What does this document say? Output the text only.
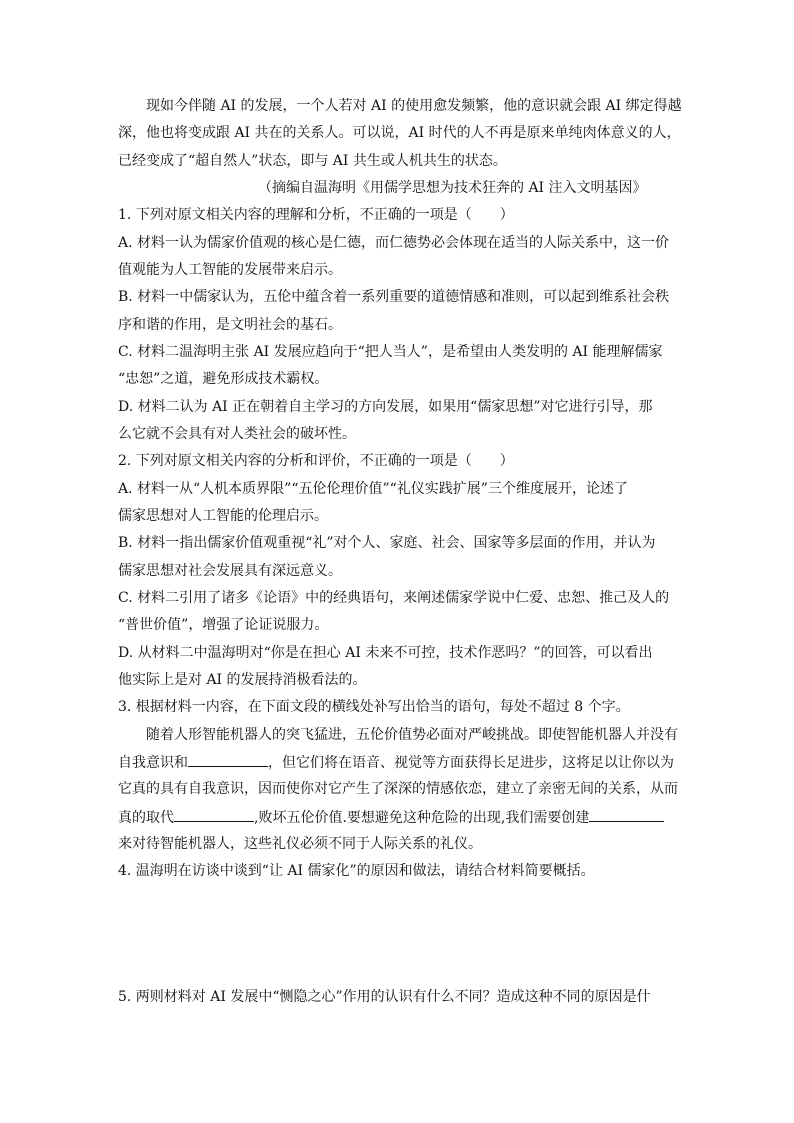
现如今伴随 AI 的发展，一个人若对 AI 的使用愈发频繁，他的意识就会跟 AI 绑定得越
深，他也将变成跟 AI 共在的关系人。可以说，AI 时代的人不再是原来单纯肉体意义的人，
已经变成了“超自然人”状态，即与 AI 共生或人机共生的状态。
（摘编自温海明《用儒学思想为技术狂奔的 AI 注入文明基因》
1. 下列对原文相关内容的理解和分析，不正确的一项是（　　）
A. 材料一认为儒家价值观的核心是仁德，而仁德势必会体现在适当的人际关系中，这一价
值观能为人工智能的发展带来启示。
B. 材料一中儒家认为，五伦中蕴含着一系列重要的道德情感和准则，可以起到维系社会秩
序和谐的作用，是文明社会的基石。
C. 材料二温海明主张 AI 发展应趋向于“把人当人”，是希望由人类发明的 AI 能理解儒家
“忠恕”之道，避免形成技术霸权。
D. 材料二认为 AI 正在朝着自主学习的方向发展，如果用“儒家思想”对它进行引导，那
么它就不会具有对人类社会的破坏性。
2. 下列对原文相关内容的分析和评价，不正确的一项是（　　）
A. 材料一从“人机本质界限”“五伦伦理价值”“礼仪实践扩展”三个维度展开，论述了
儒家思想对人工智能的伦理启示。
B. 材料一指出儒家价值观重视“礼”对个人、家庭、社会、国家等多层面的作用，并认为
儒家思想对社会发展具有深远意义。
C. 材料二引用了诸多《论语》中的经典语句，来阐述儒家学说中仁爱、忠恕、推己及人的
“普世价值”，增强了论证说服力。
D. 从材料二中温海明对“你是在担心 AI 未来不可控，技术作恶吗？”的回答，可以看出
他实际上是对 AI 的发展持消极看法的。
3. 根据材料一内容，在下面文段的横线处补写出恰当的语句，每处不超过 8 个字。
随着人形智能机器人的突飞猛进，五伦价值势必面对严峻挑战。即使智能机器人并没有
自我意识和	，但它们将在语音、视觉等方面获得长足进步，这将足以让你以为
它真的具有自我意识，因而使你对它产生了深深的情感依恋，建立了亲密无间的关系，从而
真的取代	,败坏五伦价值.要想避免这种危险的出现,我们需要创建
来对待智能机器人，这些礼仪必须不同于人际关系的礼仪。
4. 温海明在访谈中谈到“让 AI 儒家化”的原因和做法，请结合材料简要概括。
5. 两则材料对 AI 发展中“恻隐之心”作用的认识有什么不同？造成这种不同的原因是什
